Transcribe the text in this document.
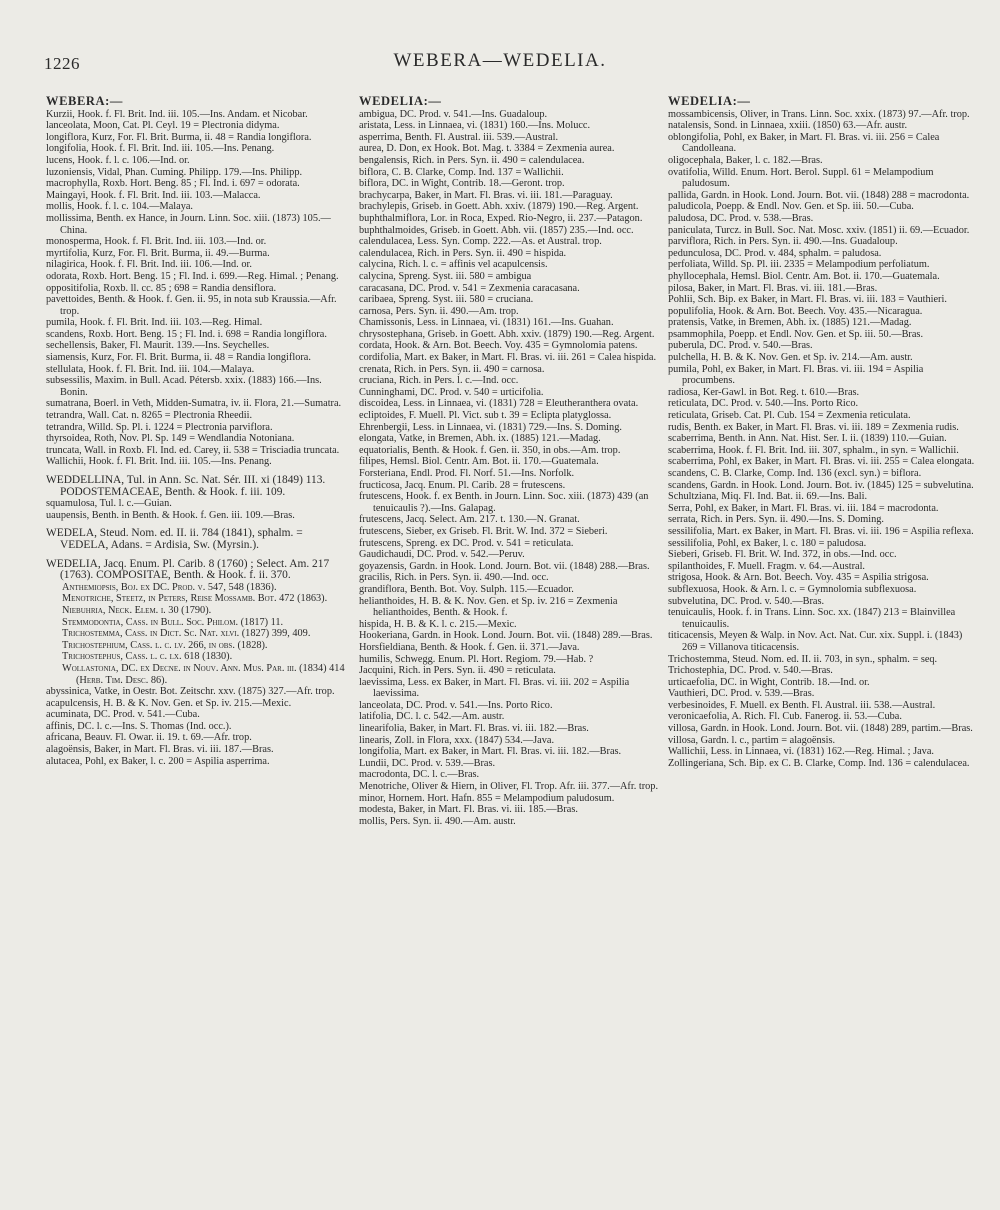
1226	WEBERA—WEDELIA.
WEBERA:—

Kurzii, Hook. f. Fl. Brit. Ind. iii. 105.—Ins. Andam. et Nicobar.

lanceolata, Moon, Cat. Pl. Ceyl. 19 = Plectronia didyma.

longiflora, Kurz, For. Fl. Brit. Burma, ii. 48 = Randia longiflora.

longifolia, Hook. f. Fl. Brit. Ind. iii. 105.—Ins. Penang.

lucens, Hook. f. l. c. 106.—Ind. or.

luzoniensis, Vidal, Phan. Cuming. Philipp. 179.—Ins. Philipp.

macrophylla, Roxb. Hort. Beng. 85 ; Fl. Ind. i. 697 = odorata.

Maingayi, Hook. f. Fl. Brit. Ind. iii. 103.—Malacca.

mollis, Hook. f. l. c. 104.—Malaya.

mollissima, Benth. ex Hance, in Journ. Linn. Soc. xiii. (1873) 105.—China.

monosperma, Hook. f. Fl. Brit. Ind. iii. 103.—Ind. or.

myrtifolia, Kurz, For. Fl. Brit. Burma, ii. 49.—Burma.

nilagirica, Hook. f. Fl. Brit. Ind. iii. 106.—Ind. or.

odorata, Roxb. Hort. Beng. 15 ; Fl. Ind. i. 699.—Reg. Himal. ; Penang.

oppositifolia, Roxb. ll. cc. 85 ; 698 = Randia densiflora.

pavettoides, Benth. & Hook. f. Gen. ii. 95, in nota sub Kraussia.—Afr. trop.

pumila, Hook. f. Fl. Brit. Ind. iii. 103.—Reg. Himal.

scandens, Roxb. Hort. Beng. 15 ; Fl. Ind. i. 698 = Randia longiflora.

sechellensis, Baker, Fl. Maurit. 139.—Ins. Seychelles.

siamensis, Kurz, For. Fl. Brit. Burma, ii. 48 = Randia longiflora.

stellulata, Hook. f. Fl. Brit. Ind. iii. 104.—Malaya.

subsessilis, Maxim. in Bull. Acad. Pétersb. xxix. (1883) 166.—Ins. Bonin.

sumatrana, Boerl. in Veth, Midden-Sumatra, iv. ii. Flora, 21.—Sumatra.

tetrandra, Wall. Cat. n. 8265 = Plectronia Rheedii.

tetrandra, Willd. Sp. Pl. i. 1224 = Plectronia parviflora.

thyrsoidea, Roth, Nov. Pl. Sp. 149 = Wendlandia Notoniana.

truncata, Wall. in Roxb. Fl. Ind. ed. Carey, ii. 538 = Trisciadia truncata.

Wallichii, Hook. f. Fl. Brit. Ind. iii. 105.—Ins. Penang.

WEDDELLINA, Tul. in Ann. Sc. Nat. Sér. III. xi (1849) 113. PODOSTEMACEAE, Benth. & Hook. f. iii. 109.

squamulosa, Tul. l. c.—Guian.

uaupensis, Benth. in Benth. & Hook. f. Gen. iii. 109.—Bras.

WEDELA, Steud. Nom. ed. II. ii. 784 (1841), sphalm. = VEDELA, Adans. = Ardisia, Sw. (Myrsin.).

WEDELIA, Jacq. Enum. Pl. Carib. 8 (1760) ; Select. Am. 217 (1763). COMPOSITAE, Benth. & Hook. f. ii. 370.

Anthemiopsis, Boj. ex DC. Prod. v. 547, 548 (1836).

Menotriche, Steetz, in Peters, Reise Mossamb. Bot. 472 (1863).

Niebuhria, Neck. Elem. i. 30 (1790).

Stemmodontia, Cass. in Bull. Soc. Philom. (1817) 11.

Trichostemma, Cass. in Dict. Sc. Nat. xlvi. (1827) 399, 409.

Trichostephium, Cass. l. c. lv. 266, in obs. (1828).

Trichostephus, Cass. l. c. lx. 618 (1830).

Wollastonia, DC. ex Decne. in Nouv. Ann. Mus. Par. iii. (1834) 414 (Herb. Tim. Desc. 86).

abyssinica, Vatke, in Oestr. Bot. Zeitschr. xxv. (1875) 327.—Afr. trop.

acapulcensis, H. B. & K. Nov. Gen. et Sp. iv. 215.—Mexic.

acuminata, DC. Prod. v. 541.—Cuba.

affinis, DC. l. c.—Ins. S. Thomas (Ind. occ.).

africana, Beauv. Fl. Owar. ii. 19. t. 69.—Afr. trop.

alagoënsis, Baker, in Mart. Fl. Bras. vi. iii. 187.—Bras.

alutacea, Pohl, ex Baker, l. c. 200 = Aspilia asperrima.

WEDELIA:—

ambigua, DC. Prod. v. 541.—Ins. Guadaloup.

aristata, Less. in Linnaea, vi. (1831) 160.—Ins. Molucc.

asperrima, Benth. Fl. Austral. iii. 539.—Austral.

aurea, D. Don, ex Hook. Bot. Mag. t. 3384 = Zexmenia aurea.

bengalensis, Rich. in Pers. Syn. ii. 490 = calendulacea.

biflora, C. B. Clarke, Comp. Ind. 137 = Wallichii.

biflora, DC. in Wight, Contrib. 18.—Geront. trop.

brachycarpa, Baker, in Mart. Fl. Bras. vi. iii. 181.—Paraguay.

brachylepis, Griseb. in Goett. Abh. xxiv. (1879) 190.—Reg. Argent.

buphthalmiflora, Lor. in Roca, Exped. Rio-Negro, ii. 237.—Patagon.

buphthalmoides, Griseb. in Goett. Abh. vii. (1857) 235.—Ind. occ.

calendulacea, Less. Syn. Comp. 222.—As. et Austral. trop.

calendulacea, Rich. in Pers. Syn. ii. 490 = hispida.

calycina, Rich. l. c. = affinis vel acapulcensis.

calycina, Spreng. Syst. iii. 580 = ambigua

caracasana, DC. Prod. v. 541 = Zexmenia caracasana.

caribaea, Spreng. Syst. iii. 580 = cruciana.

carnosa, Pers. Syn. ii. 490.—Am. trop.

Chamissonis, Less. in Linnaea, vi. (1831) 161.—Ins. Guahan.

chrysostephana, Griseb. in Goett. Abh. xxiv. (1879) 190.—Reg. Argent.

cordata, Hook. & Arn. Bot. Beech. Voy. 435 = Gymnolomia patens.

cordifolia, Mart. ex Baker, in Mart. Fl. Bras. vi. iii. 261 = Calea hispida.

crenata, Rich. in Pers. Syn. ii. 490 = carnosa.

cruciana, Rich. in Pers. l. c.—Ind. occ.

Cunninghami, DC. Prod. v. 540 = urticifolia.

discoidea, Less. in Linnaea, vi. (1831) 728 = Eleutheranthera ovata.

ecliptoides, F. Muell. Pl. Vict. sub t. 39 = Eclipta platyglossa.

Ehrenbergii, Less. in Linnaea, vi. (1831) 729.—Ins. S. Doming.

elongata, Vatke, in Bremen, Abh. ix. (1885) 121.—Madag.

equatorialis, Benth. & Hook. f. Gen. ii. 350, in obs.—Am. trop.

filipes, Hemsl. Biol. Centr. Am. Bot. ii. 170.—Guatemala.

Forsteriana, Endl. Prod. Fl. Norf. 51.—Ins. Norfolk.

fructicosa, Jacq. Enum. Pl. Carib. 28 = frutescens.

frutescens, Hook. f. ex Benth. in Journ. Linn. Soc. xiii. (1873) 439 (an tenuicaulis ?).—Ins. Galapag.

frutescens, Jacq. Select. Am. 217. t. 130.—N. Granat.

frutescens, Sieber, ex Griseb. Fl. Brit. W. Ind. 372 = Sieberi.

frutescens, Spreng. ex DC. Prod. v. 541 = reticulata.

Gaudichaudi, DC. Prod. v. 542.—Peruv.

goyazensis, Gardn. in Hook. Lond. Journ. Bot. vii. (1848) 288.—Bras.

gracilis, Rich. in Pers. Syn. ii. 490.—Ind. occ.

grandiflora, Benth. Bot. Voy. Sulph. 115.—Ecuador.

helianthoides, H. B. & K. Nov. Gen. et Sp. iv. 216 = Zexmenia helianthoides, Benth. & Hook. f.

hispida, H. B. & K. l. c. 215.—Mexic.

Hookeriana, Gardn. in Hook. Lond. Journ. Bot. vii. (1848) 289.—Bras.

Horsfieldiana, Benth. & Hook. f. Gen. ii. 371.—Java.

humilis, Schwegg. Enum. Pl. Hort. Regiom. 79.—Hab. ?

Jacquini, Rich. in Pers. Syn. ii. 490 = reticulata.

laevissima, Less. ex Baker, in Mart. Fl. Bras. vi. iii. 202 = Aspilia laevissima.

lanceolata, DC. Prod. v. 541.—Ins. Porto Rico.

latifolia, DC. l. c. 542.—Am. austr.

linearifolia, Baker, in Mart. Fl. Bras. vi. iii. 182.—Bras.

linearis, Zoll. in Flora, xxx. (1847) 534.—Java.

longifolia, Mart. ex Baker, in Mart. Fl. Bras. vi. iii. 182.—Bras.

Lundii, DC. Prod. v. 539.—Bras.

macrodonta, DC. l. c.—Bras.

Menotriche, Oliver & Hiern, in Oliver, Fl. Trop. Afr. iii. 377.—Afr. trop.

minor, Hornem. Hort. Hafn. 855 = Melampodium paludosum.

modesta, Baker, in Mart. Fl. Bras. vi. iii. 185.—Bras.

mollis, Pers. Syn. ii. 490.—Am. austr.

WEDELIA:—

mossambicensis, Oliver, in Trans. Linn. Soc. xxix. (1873) 97.—Afr. trop.

natalensis, Sond. in Linnaea, xxiii. (1850) 63.—Afr. austr.

oblongifolia, Pohl, ex Baker, in Mart. Fl. Bras. vi. iii. 256 = Calea Candolleana.

oligocephala, Baker, l. c. 182.—Bras.

ovatifolia, Willd. Enum. Hort. Berol. Suppl. 61 = Melampodium paludosum.

pallida, Gardn. in Hook. Lond. Journ. Bot. vii. (1848) 288 = macrodonta.

paludicola, Poepp. & Endl. Nov. Gen. et Sp. iii. 50.—Cuba.

paludosa, DC. Prod. v. 538.—Bras.

paniculata, Turcz. in Bull. Soc. Nat. Mosc. xxiv. (1851) ii. 69.—Ecuador.

parviflora, Rich. in Pers. Syn. ii. 490.—Ins. Guadaloup.

pedunculosa, DC. Prod. v. 484, sphalm. = paludosa.

perfoliata, Willd. Sp. Pl. iii. 2335 = Melampodium perfoliatum.

phyllocephala, Hemsl. Biol. Centr. Am. Bot. ii. 170.—Guatemala.

pilosa, Baker, in Mart. Fl. Bras. vi. iii. 181.—Bras.

Pohlii, Sch. Bip. ex Baker, in Mart. Fl. Bras. vi. iii. 183 = Vauthieri.

populifolia, Hook. & Arn. Bot. Beech. Voy. 435.—Nicaragua.

pratensis, Vatke, in Bremen, Abh. ix. (1885) 121.—Madag.

psammophila, Poepp. et Endl. Nov. Gen. et Sp. iii. 50.—Bras.

puberula, DC. Prod. v. 540.—Bras.

pulchella, H. B. & K. Nov. Gen. et Sp. iv. 214.—Am. austr.

pumila, Pohl, ex Baker, in Mart. Fl. Bras. vi. iii. 194 = Aspilia procumbens.

radiosa, Ker-Gawl. in Bot. Reg. t. 610.—Bras.

reticulata, DC. Prod. v. 540.—Ins. Porto Rico.

reticulata, Griseb. Cat. Pl. Cub. 154 = Zexmenia reticulata.

rudis, Benth. ex Baker, in Mart. Fl. Bras. vi. iii. 189 = Zexmenia rudis.

scaberrima, Benth. in Ann. Nat. Hist. Ser. I. ii. (1839) 110.—Guian.

scaberrima, Hook. f. Fl. Brit. Ind. iii. 307, sphalm., in syn. = Wallichii.

scaberrima, Pohl, ex Baker, in Mart. Fl. Bras. vi. iii. 255 = Calea elongata.

scandens, C. B. Clarke, Comp. Ind. 136 (excl. syn.) = biflora.

scandens, Gardn. in Hook. Lond. Journ. Bot. iv. (1845) 125 = subvelutina.

Schultziana, Miq. Fl. Ind. Bat. ii. 69.—Ins. Bali.

Serra, Pohl, ex Baker, in Mart. Fl. Bras. vi. iii. 184 = macrodonta.

serrata, Rich. in Pers. Syn. ii. 490.—Ins. S. Doming.

sessilifolia, Mart. ex Baker, in Mart. Fl. Bras. vi. iii. 196 = Aspilia reflexa.

sessilifolia, Pohl, ex Baker, l. c. 180 = paludosa.

Sieberi, Griseb. Fl. Brit. W. Ind. 372, in obs.—Ind. occ.

spilanthoides, F. Muell. Fragm. v. 64.—Austral.

strigosa, Hook. & Arn. Bot. Beech. Voy. 435 = Aspilia strigosa.

subflexuosa, Hook. & Arn. l. c. = Gymnolomia subflexuosa.

subvelutina, DC. Prod. v. 540.—Bras.

tenuicaulis, Hook. f. in Trans. Linn. Soc. xx. (1847) 213 = Blainvillea tenuicaulis.

titicacensis, Meyen & Walp. in Nov. Act. Nat. Cur. xix. Suppl. i. (1843) 269 = Villanova titicacensis.

Trichostemma, Steud. Nom. ed. II. ii. 703, in syn., sphalm. = seq.

Trichostephia, DC. Prod. v. 540.—Bras.

urticaefolia, DC. in Wight, Contrib. 18.—Ind. or.

Vauthieri, DC. Prod. v. 539.—Bras.

verbesinoides, F. Muell. ex Benth. Fl. Austral. iii. 538.—Austral.

veronicaefolia, A. Rich. Fl. Cub. Fanerog. ii. 53.—Cuba.

villosa, Gardn. in Hook. Lond. Journ. Bot. vii. (1848) 289, partim.—Bras.

villosa, Gardn. l. c., partim = alagoënsis.

Wallichii, Less. in Linnaea, vi. (1831) 162.—Reg. Himal. ; Java.

Zollingeriana, Sch. Bip. ex C. B. Clarke, Comp. Ind. 136 = calendulacea.
